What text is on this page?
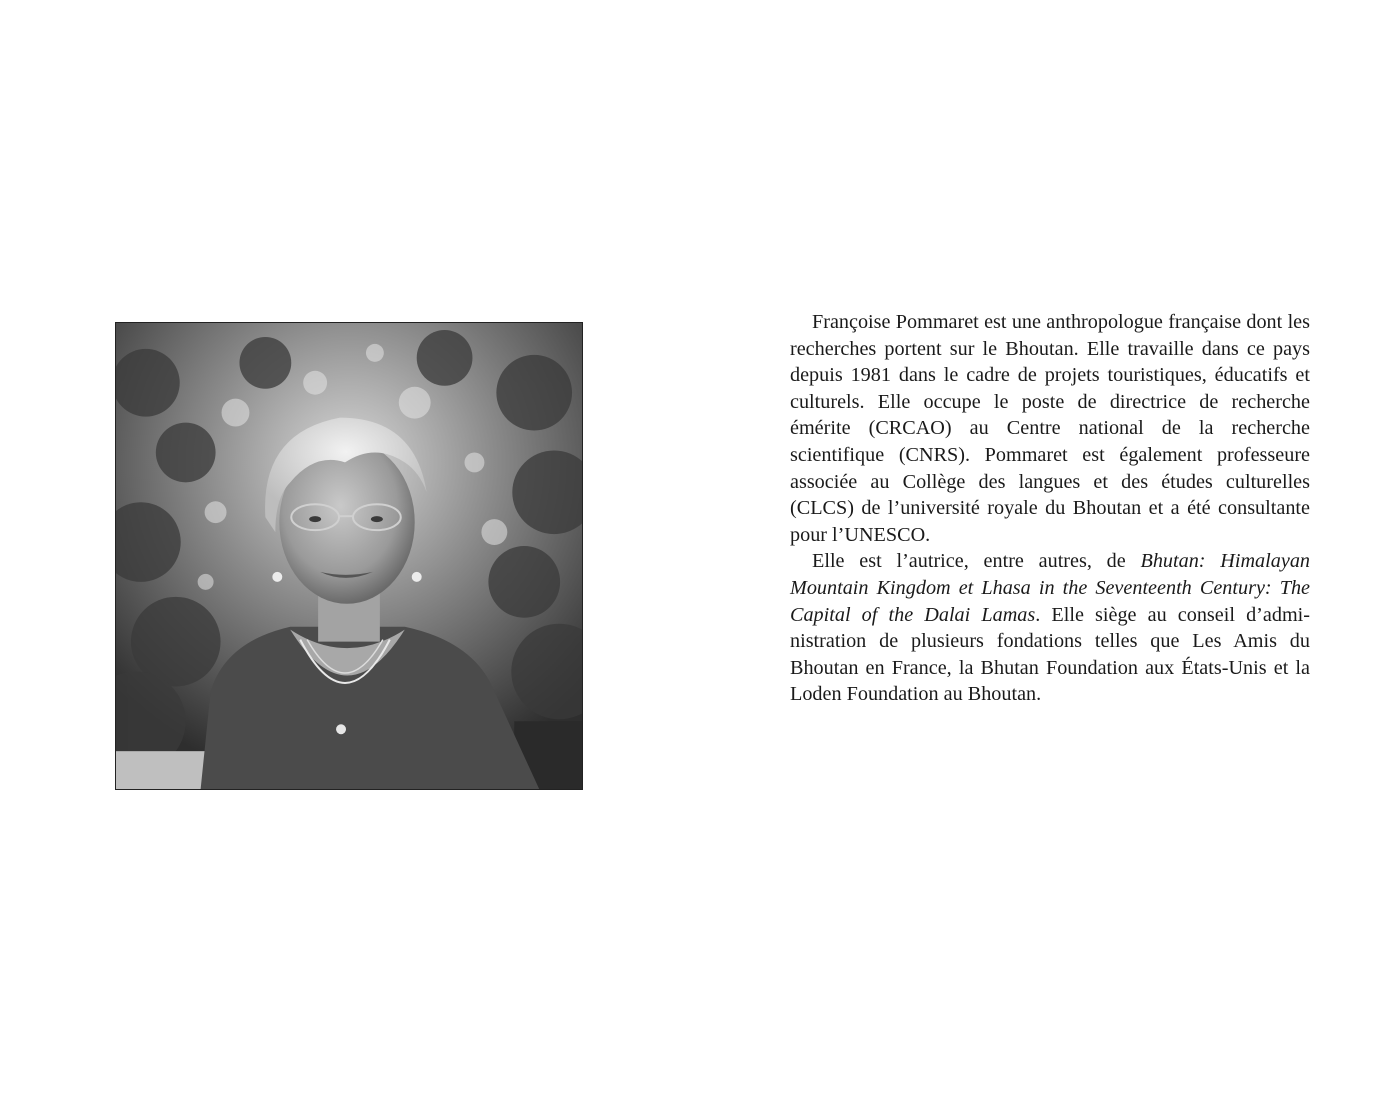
Françoise Pommaret est une anthropologue française dont les recherches portent sur le Bhoutan. Elle travaille dans ce pays depuis 1981 dans le cadre de projets touristiques, éducatifs et culturels. Elle occupe le poste de directrice de recherche émérite (CRCAO) au Centre national de la recherche scientifique (CNRS). Pommaret est également professeure associée au Collège des langues et des études culturelles (CLCS) de l’université royale du Bhoutan et a été consultante pour l’UNESCO.

Elle est l’autrice, entre autres, de Bhutan: Himalayan Mountain Kingdom et Lhasa in the Seventeenth Century: The Capital of the Dalai Lamas. Elle siège au conseil d’administration de plusieurs fondations telles que Les Amis du Bhoutan en France, la Bhutan Foundation aux États-Unis et la Loden Foundation au Bhoutan.
